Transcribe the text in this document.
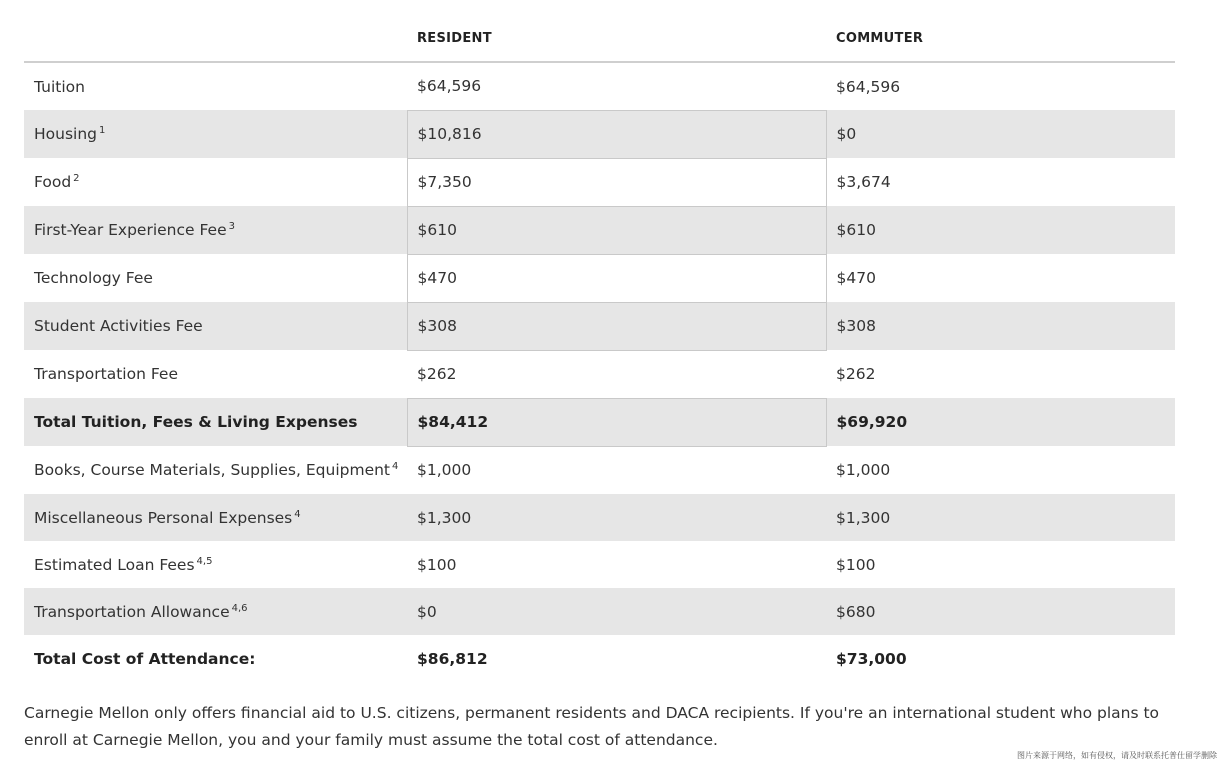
	RESIDENT	COMMUTER
Tuition	$64,596	$64,596
Housing $^1$	$10,816	$0
Food $^2$	$7,350	$3,674
First-Year Experience Fee $^3$	$610	$610
Technology Fee	$470	$470
Student Activities Fee	$308	$308
Transportation Fee	$262	$262
Total Tuition, Fees & Living Expenses	$84,412	$69,920
Books, Course Materials, Supplies, Equipment $^4$	$1,000	$1,000
Miscellaneous Personal Expenses $^4$	$1,300	$1,300
Estimated Loan Fees $^{4,5}$	$100	$100
Transportation Allowance $^{4,6}$	$0	$680
Total Cost of Attendance:	$86,812	$73,000

Carnegie Mellon only offers financial aid to U.S. citizens, permanent residents and DACA recipients. If you're an international student who plans to enroll at Carnegie Mellon, you and your family must assume the total cost of attendance.

图片来源于网络，如有侵权，请及时联系托普仕留学删除
